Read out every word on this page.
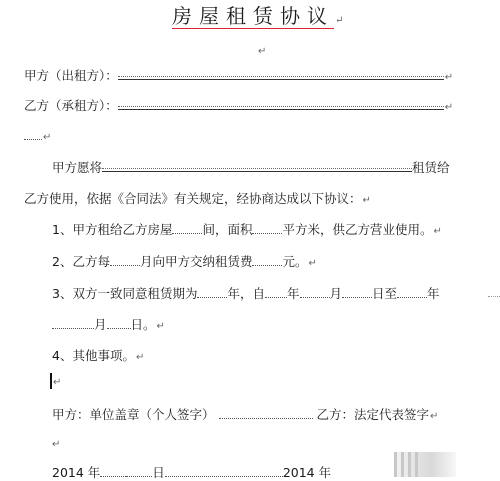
房屋租赁协议↵
↵
甲方（出租方）：	↵
乙方（承租方）：	↵
↵
甲方愿将	租赁给
乙方使用，依据《合同法》有关规定，经协商达成以下协议：↵
1、甲方租给乙方房屋 间，面积 平方米，供乙方营业使用。↵
2、乙方每 月向甲方交纳租赁费 元。↵
3、双方一致同意租赁期为 年，自 年 月 日至 年
月 日。↵
4、其他事项。↵
↵
甲方：单位盖章（个人签字）	乙方：法定代表签字↵
↵
2014 年	日	2014 年
